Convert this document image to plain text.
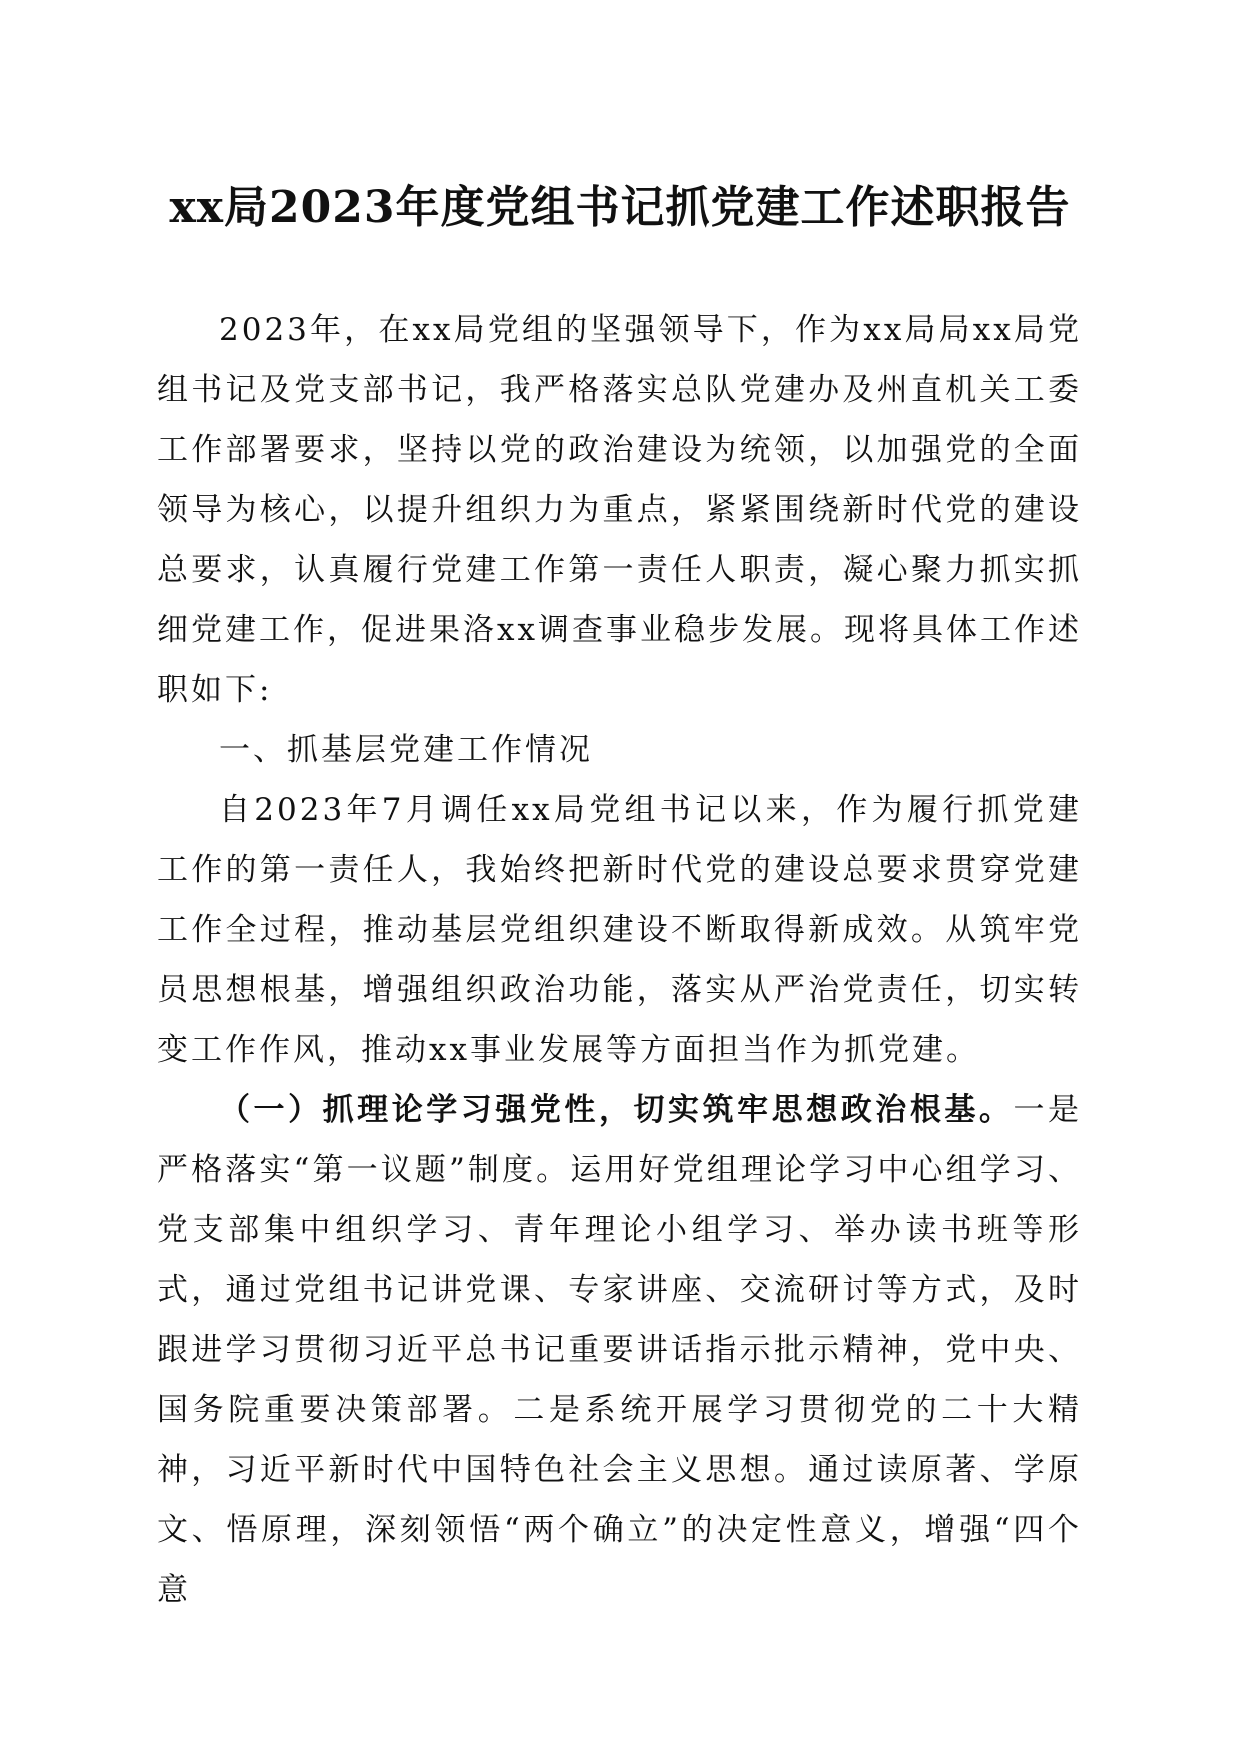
xx局2023年度党组书记抓党建工作述职报告

2023年，在xx局党组的坚强领导下，作为xx局局xx局党组书记及党支部书记，我严格落实总队党建办及州直机关工委工作部署要求，坚持以党的政治建设为统领，以加强党的全面领导为核心，以提升组织力为重点，紧紧围绕新时代党的建设总要求，认真履行党建工作第一责任人职责，凝心聚力抓实抓细党建工作，促进果洛xx调查事业稳步发展。现将具体工作述职如下:

一、抓基层党建工作情况

自2023年7月调任xx局党组书记以来，作为履行抓党建工作的第一责任人，我始终把新时代党的建设总要求贯穿党建工作全过程，推动基层党组织建设不断取得新成效。从筑牢党员思想根基，增强组织政治功能，落实从严治党责任，切实转变工作作风，推动xx事业发展等方面担当作为抓党建。

（一）抓理论学习强党性，切实筑牢思想政治根基。一是严格落实“第一议题”制度。运用好党组理论学习中心组学习、党支部集中组织学习、青年理论小组学习、举办读书班等形式，通过党组书记讲党课、专家讲座、交流研讨等方式，及时跟进学习贯彻习近平总书记重要讲话指示批示精神，党中央、国务院重要决策部署。二是系统开展学习贯彻党的二十大精神，习近平新时代中国特色社会主义思想。通过读原著、学原文、悟原理，深刻领悟“两个确立”的决定性意义，增强“四个意
